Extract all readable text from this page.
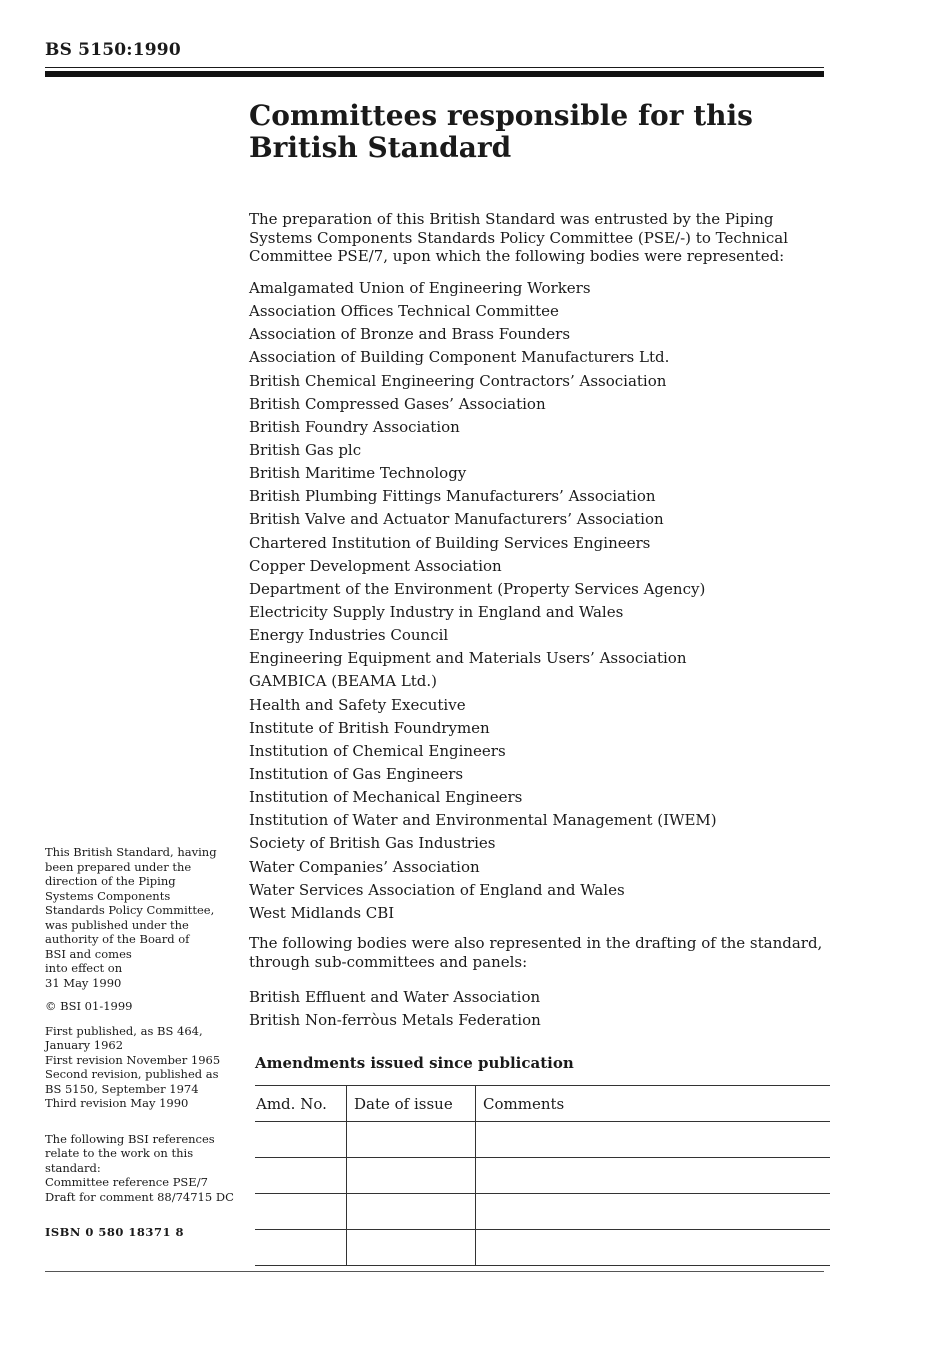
BS 5150:1990
Committees responsible for this
British Standard

The preparation of this British Standard was entrusted by the Piping Systems Components Standards Policy Committee (PSE/-) to Technical Committee PSE/7, upon which the following bodies were represented:

Amalgamated Union of Engineering Workers
Association Offices Technical Committee
Association of Bronze and Brass Founders
Association of Building Component Manufacturers Ltd.
British Chemical Engineering Contractors’ Association
British Compressed Gases’ Association
British Foundry Association
British Gas plc
British Maritime Technology
British Plumbing Fittings Manufacturers’ Association
British Valve and Actuator Manufacturers’ Association
Chartered Institution of Building Services Engineers
Copper Development Association
Department of the Environment (Property Services Agency)
Electricity Supply Industry in England and Wales
Energy Industries Council
Engineering Equipment and Materials Users’ Association
GAMBICA (BEAMA Ltd.)
Health and Safety Executive
Institute of British Foundrymen
Institution of Chemical Engineers
Institution of Gas Engineers
Institution of Mechanical Engineers
Institution of Water and Environmental Management (IWEM)
Society of British Gas Industries
Water Companies’ Association
Water Services Association of England and Wales
West Midlands CBI

The following bodies were also represented in the drafting of the standard, through sub-committees and panels:

British Effluent and Water Association
British Non-ferròus Metals Federation
Amendments issued since publication
Amd. No.	Date of issue	Comments

This British Standard, having
been prepared under the
direction of the Piping
Systems Components
Standards Policy Committee,
was published under the
authority of the Board of
BSI and comes
into effect on
31 May 1990

© BSI 01-1999

First published, as BS 464,
January 1962
First revision November 1965
Second revision, published as
BS 5150, September 1974
Third revision May 1990

The following BSI references
relate to the work on this
standard:
Committee reference PSE/7
Draft for comment 88/74715 DC

ISBN 0 580 18371 8
